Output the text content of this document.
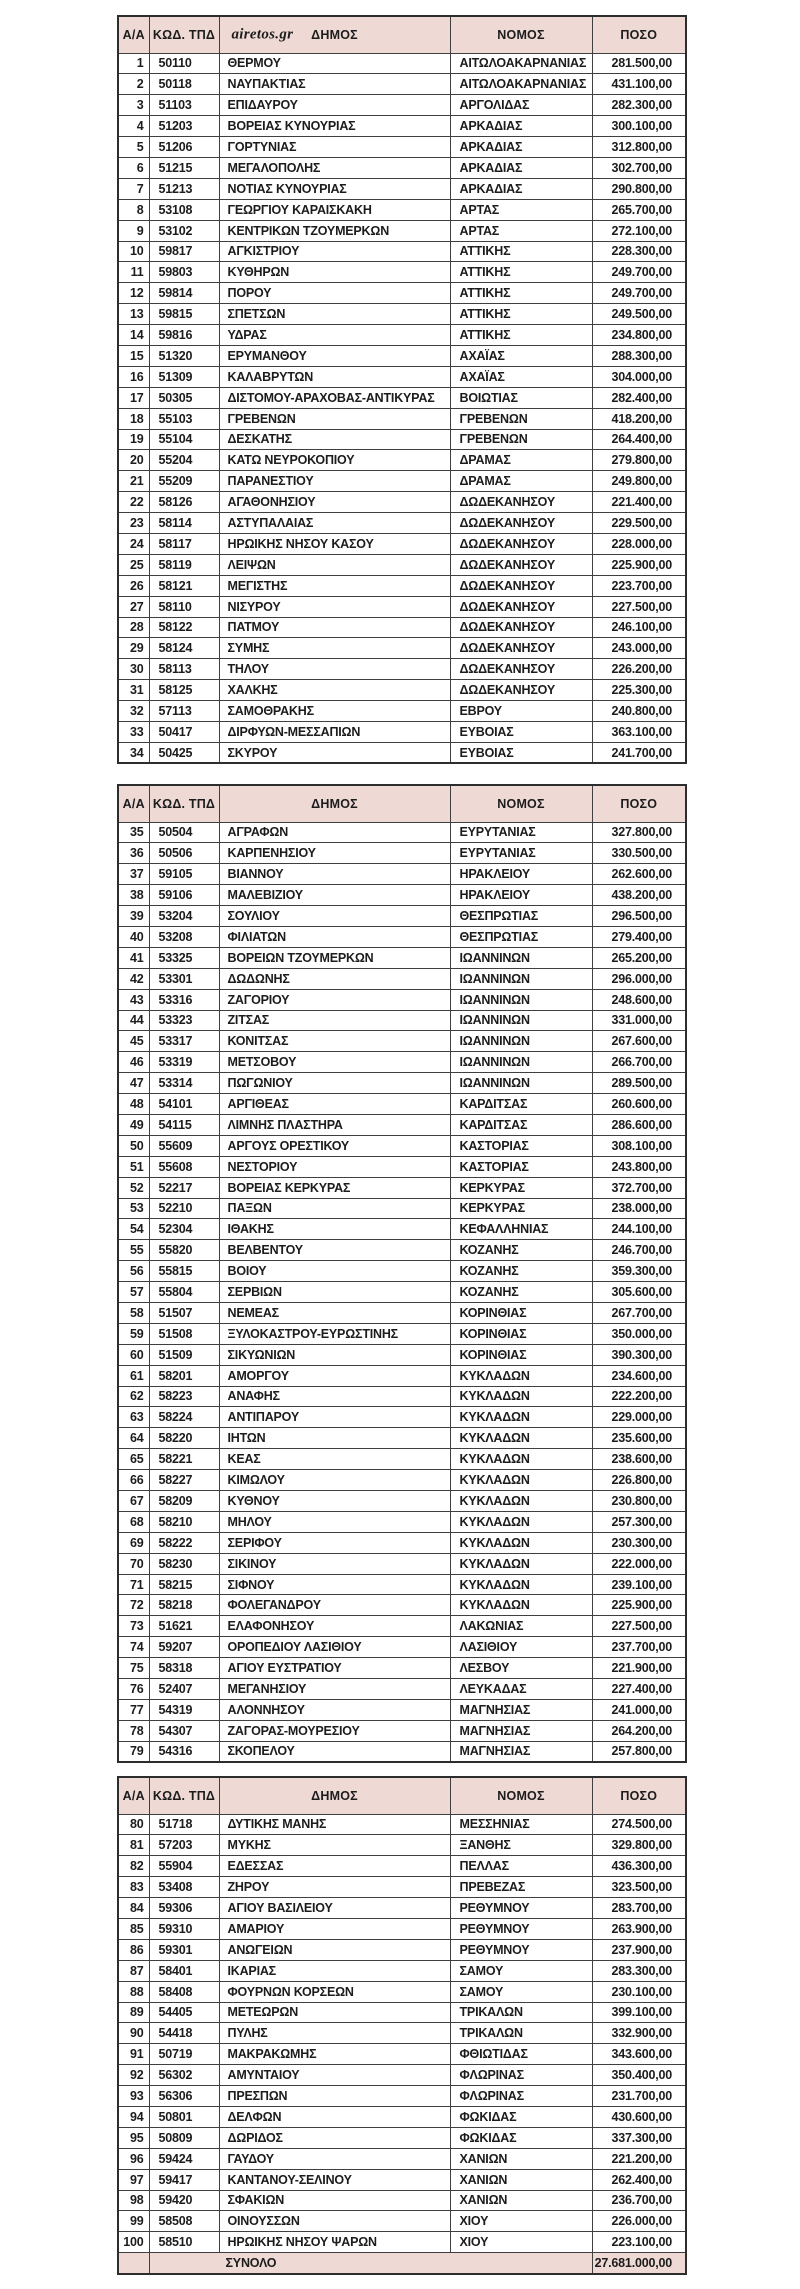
Α/Α	ΚΩΔ. ΤΠΔ	airetos.gr ΔΗΜΟΣ	ΝΟΜΟΣ	ΠΟΣΟ
1	50110	ΘΕΡΜΟΥ	ΑΙΤΩΛΟΑΚΑΡΝΑΝΙΑΣ	281.500,00
2	50118	ΝΑΥΠΑΚΤΙΑΣ	ΑΙΤΩΛΟΑΚΑΡΝΑΝΙΑΣ	431.100,00
3	51103	ΕΠΙΔΑΥΡΟΥ	ΑΡΓΟΛΙΔΑΣ	282.300,00
4	51203	ΒΟΡΕΙΑΣ ΚΥΝΟΥΡΙΑΣ	ΑΡΚΑΔΙΑΣ	300.100,00
5	51206	ΓΟΡΤΥΝΙΑΣ	ΑΡΚΑΔΙΑΣ	312.800,00
6	51215	ΜΕΓΑΛΟΠΟΛΗΣ	ΑΡΚΑΔΙΑΣ	302.700,00
7	51213	ΝΟΤΙΑΣ ΚΥΝΟΥΡΙΑΣ	ΑΡΚΑΔΙΑΣ	290.800,00
8	53108	ΓΕΩΡΓΙΟΥ ΚΑΡΑΙΣΚΑΚΗ	ΑΡΤΑΣ	265.700,00
9	53102	ΚΕΝΤΡΙΚΩΝ ΤΖΟΥΜΕΡΚΩΝ	ΑΡΤΑΣ	272.100,00
10	59817	ΑΓΚΙΣΤΡΙΟΥ	ΑΤΤΙΚΗΣ	228.300,00
11	59803	ΚΥΘΗΡΩΝ	ΑΤΤΙΚΗΣ	249.700,00
12	59814	ΠΟΡΟΥ	ΑΤΤΙΚΗΣ	249.700,00
13	59815	ΣΠΕΤΣΩΝ	ΑΤΤΙΚΗΣ	249.500,00
14	59816	ΥΔΡΑΣ	ΑΤΤΙΚΗΣ	234.800,00
15	51320	ΕΡΥΜΑΝΘΟΥ	ΑΧΑΪΑΣ	288.300,00
16	51309	ΚΑΛΑΒΡΥΤΩΝ	ΑΧΑΪΑΣ	304.000,00
17	50305	ΔΙΣΤΟΜΟΥ-ΑΡΑΧΟΒΑΣ-ΑΝΤΙΚΥΡΑΣ	ΒΟΙΩΤΙΑΣ	282.400,00
18	55103	ΓΡΕΒΕΝΩΝ	ΓΡΕΒΕΝΩΝ	418.200,00
19	55104	ΔΕΣΚΑΤΗΣ	ΓΡΕΒΕΝΩΝ	264.400,00
20	55204	ΚΑΤΩ ΝΕΥΡΟΚΟΠΙΟΥ	ΔΡΑΜΑΣ	279.800,00
21	55209	ΠΑΡΑΝΕΣΤΙΟΥ	ΔΡΑΜΑΣ	249.800,00
22	58126	ΑΓΑΘΟΝΗΣΙΟΥ	ΔΩΔΕΚΑΝΗΣΟΥ	221.400,00
23	58114	ΑΣΤΥΠΑΛΑΙΑΣ	ΔΩΔΕΚΑΝΗΣΟΥ	229.500,00
24	58117	ΗΡΩΙΚΗΣ ΝΗΣΟΥ ΚΑΣΟΥ	ΔΩΔΕΚΑΝΗΣΟΥ	228.000,00
25	58119	ΛΕΙΨΩΝ	ΔΩΔΕΚΑΝΗΣΟΥ	225.900,00
26	58121	ΜΕΓΙΣΤΗΣ	ΔΩΔΕΚΑΝΗΣΟΥ	223.700,00
27	58110	ΝΙΣΥΡΟΥ	ΔΩΔΕΚΑΝΗΣΟΥ	227.500,00
28	58122	ΠΑΤΜΟΥ	ΔΩΔΕΚΑΝΗΣΟΥ	246.100,00
29	58124	ΣΥΜΗΣ	ΔΩΔΕΚΑΝΗΣΟΥ	243.000,00
30	58113	ΤΗΛΟΥ	ΔΩΔΕΚΑΝΗΣΟΥ	226.200,00
31	58125	ΧΑΛΚΗΣ	ΔΩΔΕΚΑΝΗΣΟΥ	225.300,00
32	57113	ΣΑΜΟΘΡΑΚΗΣ	ΕΒΡΟΥ	240.800,00
33	50417	ΔΙΡΦΥΩΝ-ΜΕΣΣΑΠΙΩΝ	ΕΥΒΟΙΑΣ	363.100,00
34	50425	ΣΚΥΡΟΥ	ΕΥΒΟΙΑΣ	241.700,00
Α/Α	ΚΩΔ. ΤΠΔ	ΔΗΜΟΣ	ΝΟΜΟΣ	ΠΟΣΟ
35	50504	ΑΓΡΑΦΩΝ	ΕΥΡΥΤΑΝΙΑΣ	327.800,00
36	50506	ΚΑΡΠΕΝΗΣΙΟΥ	ΕΥΡΥΤΑΝΙΑΣ	330.500,00
37	59105	ΒΙΑΝΝΟΥ	ΗΡΑΚΛΕΙΟΥ	262.600,00
38	59106	ΜΑΛΕΒΙΖΙΟΥ	ΗΡΑΚΛΕΙΟΥ	438.200,00
39	53204	ΣΟΥΛΙΟΥ	ΘΕΣΠΡΩΤΙΑΣ	296.500,00
40	53208	ΦΙΛΙΑΤΩΝ	ΘΕΣΠΡΩΤΙΑΣ	279.400,00
41	53325	ΒΟΡΕΙΩΝ ΤΖΟΥΜΕΡΚΩΝ	ΙΩΑΝΝΙΝΩΝ	265.200,00
42	53301	ΔΩΔΩΝΗΣ	ΙΩΑΝΝΙΝΩΝ	296.000,00
43	53316	ΖΑΓΟΡΙΟΥ	ΙΩΑΝΝΙΝΩΝ	248.600,00
44	53323	ΖΙΤΣΑΣ	ΙΩΑΝΝΙΝΩΝ	331.000,00
45	53317	ΚΟΝΙΤΣΑΣ	ΙΩΑΝΝΙΝΩΝ	267.600,00
46	53319	ΜΕΤΣΟΒΟΥ	ΙΩΑΝΝΙΝΩΝ	266.700,00
47	53314	ΠΩΓΩΝΙΟΥ	ΙΩΑΝΝΙΝΩΝ	289.500,00
48	54101	ΑΡΓΙΘΕΑΣ	ΚΑΡΔΙΤΣΑΣ	260.600,00
49	54115	ΛΙΜΝΗΣ ΠΛΑΣΤΗΡΑ	ΚΑΡΔΙΤΣΑΣ	286.600,00
50	55609	ΑΡΓΟΥΣ ΟΡΕΣΤΙΚΟΥ	ΚΑΣΤΟΡΙΑΣ	308.100,00
51	55608	ΝΕΣΤΟΡΙΟΥ	ΚΑΣΤΟΡΙΑΣ	243.800,00
52	52217	ΒΟΡΕΙΑΣ ΚΕΡΚΥΡΑΣ	ΚΕΡΚΥΡΑΣ	372.700,00
53	52210	ΠΑΞΩΝ	ΚΕΡΚΥΡΑΣ	238.000,00
54	52304	ΙΘΑΚΗΣ	ΚΕΦΑΛΛΗΝΙΑΣ	244.100,00
55	55820	ΒΕΛΒΕΝΤΟΥ	ΚΟΖΑΝΗΣ	246.700,00
56	55815	ΒΟΙΟΥ	ΚΟΖΑΝΗΣ	359.300,00
57	55804	ΣΕΡΒΙΩΝ	ΚΟΖΑΝΗΣ	305.600,00
58	51507	ΝΕΜΕΑΣ	ΚΟΡΙΝΘΙΑΣ	267.700,00
59	51508	ΞΥΛΟΚΑΣΤΡΟΥ-ΕΥΡΩΣΤΙΝΗΣ	ΚΟΡΙΝΘΙΑΣ	350.000,00
60	51509	ΣΙΚΥΩΝΙΩΝ	ΚΟΡΙΝΘΙΑΣ	390.300,00
61	58201	ΑΜΟΡΓΟΥ	ΚΥΚΛΑΔΩΝ	234.600,00
62	58223	ΑΝΑΦΗΣ	ΚΥΚΛΑΔΩΝ	222.200,00
63	58224	ΑΝΤΙΠΑΡΟΥ	ΚΥΚΛΑΔΩΝ	229.000,00
64	58220	ΙΗΤΩΝ	ΚΥΚΛΑΔΩΝ	235.600,00
65	58221	ΚΕΑΣ	ΚΥΚΛΑΔΩΝ	238.600,00
66	58227	ΚΙΜΩΛΟΥ	ΚΥΚΛΑΔΩΝ	226.800,00
67	58209	ΚΥΘΝΟΥ	ΚΥΚΛΑΔΩΝ	230.800,00
68	58210	ΜΗΛΟΥ	ΚΥΚΛΑΔΩΝ	257.300,00
69	58222	ΣΕΡΙΦΟΥ	ΚΥΚΛΑΔΩΝ	230.300,00
70	58230	ΣΙΚΙΝΟΥ	ΚΥΚΛΑΔΩΝ	222.000,00
71	58215	ΣΙΦΝΟΥ	ΚΥΚΛΑΔΩΝ	239.100,00
72	58218	ΦΟΛΕΓΑΝΔΡΟΥ	ΚΥΚΛΑΔΩΝ	225.900,00
73	51621	ΕΛΑΦΟΝΗΣΟΥ	ΛΑΚΩΝΙΑΣ	227.500,00
74	59207	ΟΡΟΠΕΔΙΟΥ ΛΑΣΙΘΙΟΥ	ΛΑΣΙΘΙΟΥ	237.700,00
75	58318	ΑΓΙΟΥ ΕΥΣΤΡΑΤΙΟΥ	ΛΕΣΒΟΥ	221.900,00
76	52407	ΜΕΓΑΝΗΣΙΟΥ	ΛΕΥΚΑΔΑΣ	227.400,00
77	54319	ΑΛΟΝΝΗΣΟΥ	ΜΑΓΝΗΣΙΑΣ	241.000,00
78	54307	ΖΑΓΟΡΑΣ-ΜΟΥΡΕΣΙΟΥ	ΜΑΓΝΗΣΙΑΣ	264.200,00
79	54316	ΣΚΟΠΕΛΟΥ	ΜΑΓΝΗΣΙΑΣ	257.800,00
Α/Α	ΚΩΔ. ΤΠΔ	ΔΗΜΟΣ	ΝΟΜΟΣ	ΠΟΣΟ
80	51718	ΔΥΤΙΚΗΣ ΜΑΝΗΣ	ΜΕΣΣΗΝΙΑΣ	274.500,00
81	57203	ΜΥΚΗΣ	ΞΑΝΘΗΣ	329.800,00
82	55904	ΕΔΕΣΣΑΣ	ΠΕΛΛΑΣ	436.300,00
83	53408	ΖΗΡΟΥ	ΠΡΕΒΕΖΑΣ	323.500,00
84	59306	ΑΓΙΟΥ ΒΑΣΙΛΕΙΟΥ	ΡΕΘΥΜΝΟΥ	283.700,00
85	59310	ΑΜΑΡΙΟΥ	ΡΕΘΥΜΝΟΥ	263.900,00
86	59301	ΑΝΩΓΕΙΩΝ	ΡΕΘΥΜΝΟΥ	237.900,00
87	58401	ΙΚΑΡΙΑΣ	ΣΑΜΟΥ	283.300,00
88	58408	ΦΟΥΡΝΩΝ ΚΟΡΣΕΩΝ	ΣΑΜΟΥ	230.100,00
89	54405	ΜΕΤΕΩΡΩΝ	ΤΡΙΚΑΛΩΝ	399.100,00
90	54418	ΠΥΛΗΣ	ΤΡΙΚΑΛΩΝ	332.900,00
91	50719	ΜΑΚΡΑΚΩΜΗΣ	ΦΘΙΩΤΙΔΑΣ	343.600,00
92	56302	ΑΜΥΝΤΑΙΟΥ	ΦΛΩΡΙΝΑΣ	350.400,00
93	56306	ΠΡΕΣΠΩΝ	ΦΛΩΡΙΝΑΣ	231.700,00
94	50801	ΔΕΛΦΩΝ	ΦΩΚΙΔΑΣ	430.600,00
95	50809	ΔΩΡΙΔΟΣ	ΦΩΚΙΔΑΣ	337.300,00
96	59424	ΓΑΥΔΟΥ	ΧΑΝΙΩΝ	221.200,00
97	59417	ΚΑΝΤΑΝΟΥ-ΣΕΛΙΝΟΥ	ΧΑΝΙΩΝ	262.400,00
98	59420	ΣΦΑΚΙΩΝ	ΧΑΝΙΩΝ	236.700,00
99	58508	ΟΙΝΟΥΣΣΩΝ	ΧΙΟΥ	226.000,00
100	58510	ΗΡΩΙΚΗΣ ΝΗΣΟΥ ΨΑΡΩΝ	ΧΙΟΥ	223.100,00
	ΣΥΝΟΛΟ			27.681.000,00
